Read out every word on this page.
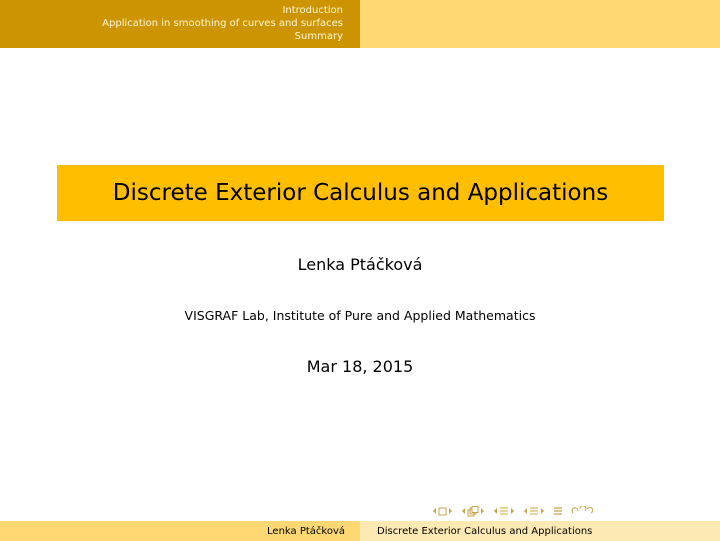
Introduction
Application in smoothing of curves and surfaces
Summary
Discrete Exterior Calculus and Applications
Lenka Ptáčková
VISGRAF Lab, Institute of Pure and Applied Mathematics
Mar 18, 2015
Lenka Ptáčková	Discrete Exterior Calculus and Applications
